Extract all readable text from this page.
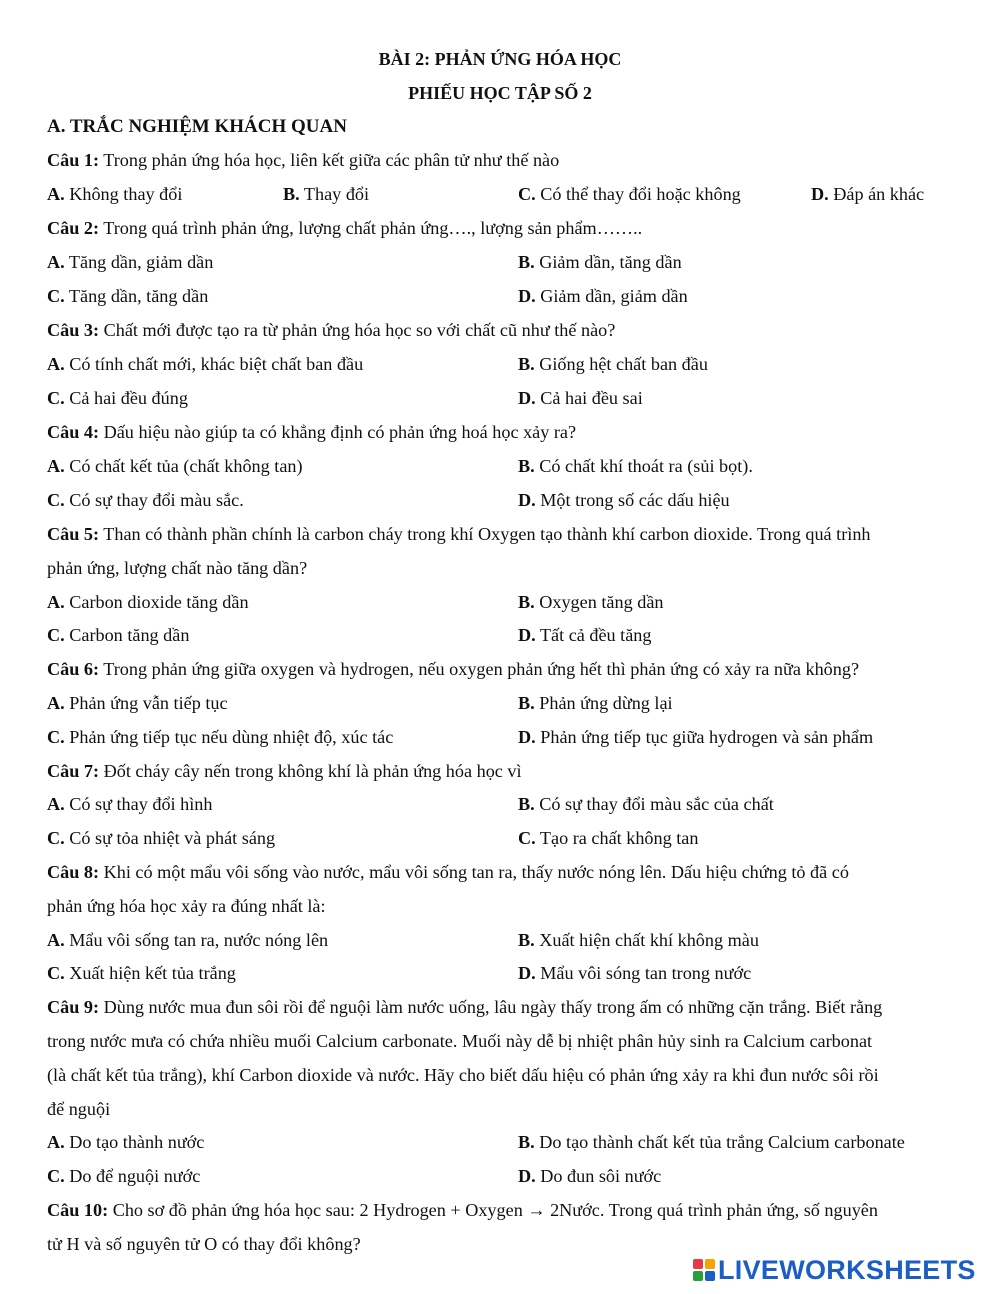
BÀI 2: PHẢN ỨNG HÓA HỌC
PHIẾU HỌC TẬP SỐ 2
A. TRẮC NGHIỆM KHÁCH QUAN
Câu 1: Trong phản ứng hóa học, liên kết giữa các phân tử như thế nào
A. Không thay đổi	B. Thay đổi	C. Có thể thay đổi hoặc không	D. Đáp án khác
Câu 2: Trong quá trình phản ứng, lượng chất phản ứng…., lượng sản phẩm……..
A. Tăng dần, giảm dần	B. Giảm dần, tăng dần
C. Tăng dần, tăng dần	D. Giảm dần, giảm dần
Câu 3: Chất mới được tạo ra từ phản ứng hóa học so với chất cũ như thế nào?
A. Có tính chất mới, khác biệt chất ban đầu	B. Giống hệt chất ban đầu
C. Cả hai đều đúng	D. Cả hai đều sai
Câu 4: Dấu hiệu nào giúp ta có khẳng định có phản ứng hoá học xảy ra?
A. Có chất kết tủa (chất không tan)	B. Có chất khí thoát ra (sủi bọt).
C. Có sự thay đổi màu sắc.	D. Một trong số các dấu hiệu
Câu 5: Than có thành phần chính là carbon cháy trong khí Oxygen tạo thành khí carbon dioxide. Trong quá trình
phản ứng, lượng chất nào tăng dần?
A. Carbon dioxide tăng dần	B. Oxygen tăng dần
C. Carbon tăng dần	D. Tất cả đều tăng
Câu 6: Trong phản ứng giữa oxygen và hydrogen, nếu oxygen phản ứng hết thì phản ứng có xảy ra nữa không?
A. Phản ứng vẫn tiếp tục	B. Phản ứng dừng lại
C. Phản ứng tiếp tục nếu dùng nhiệt độ, xúc tác	D. Phản ứng tiếp tục giữa hydrogen và sản phẩm
Câu 7: Đốt cháy cây nến trong không khí là phản ứng hóa học vì
A. Có sự thay đổi hình	B. Có sự thay đổi màu sắc của chất
C. Có sự tỏa nhiệt và phát sáng	C. Tạo ra chất không tan
Câu 8: Khi có một mẩu vôi sống vào nước, mẩu vôi sống tan ra, thấy nước nóng lên. Dấu hiệu chứng tỏ đã có
phản ứng hóa học xảy ra đúng nhất là:
A. Mẩu vôi sống tan ra, nước nóng lên	B. Xuất hiện chất khí không màu
C. Xuất hiện kết tủa trắng	D. Mẩu vôi sóng tan trong nước
Câu 9: Dùng nước mua đun sôi rồi để nguội làm nước uống, lâu ngày thấy trong ấm có những cặn trắng. Biết rằng
trong nước mưa có chứa nhiều muối Calcium carbonate. Muối này dễ bị nhiệt phân hủy sinh ra Calcium carbonat
(là chất kết tủa trắng), khí Carbon dioxide và nước. Hãy cho biết dấu hiệu có phản ứng xảy ra khi đun nước sôi rồi
để nguội
A. Do tạo thành nước	B. Do tạo thành chất kết tủa trắng Calcium carbonate
C. Do để nguội nước	D. Do đun sôi nước
Câu 10: Cho sơ đồ phản ứng hóa học sau: 2 Hydrogen + Oxygen → 2Nước. Trong quá trình phản ứng, số nguyên
tử H và số nguyên tử O có thay đổi không?
LIVEWORKSHEETS
